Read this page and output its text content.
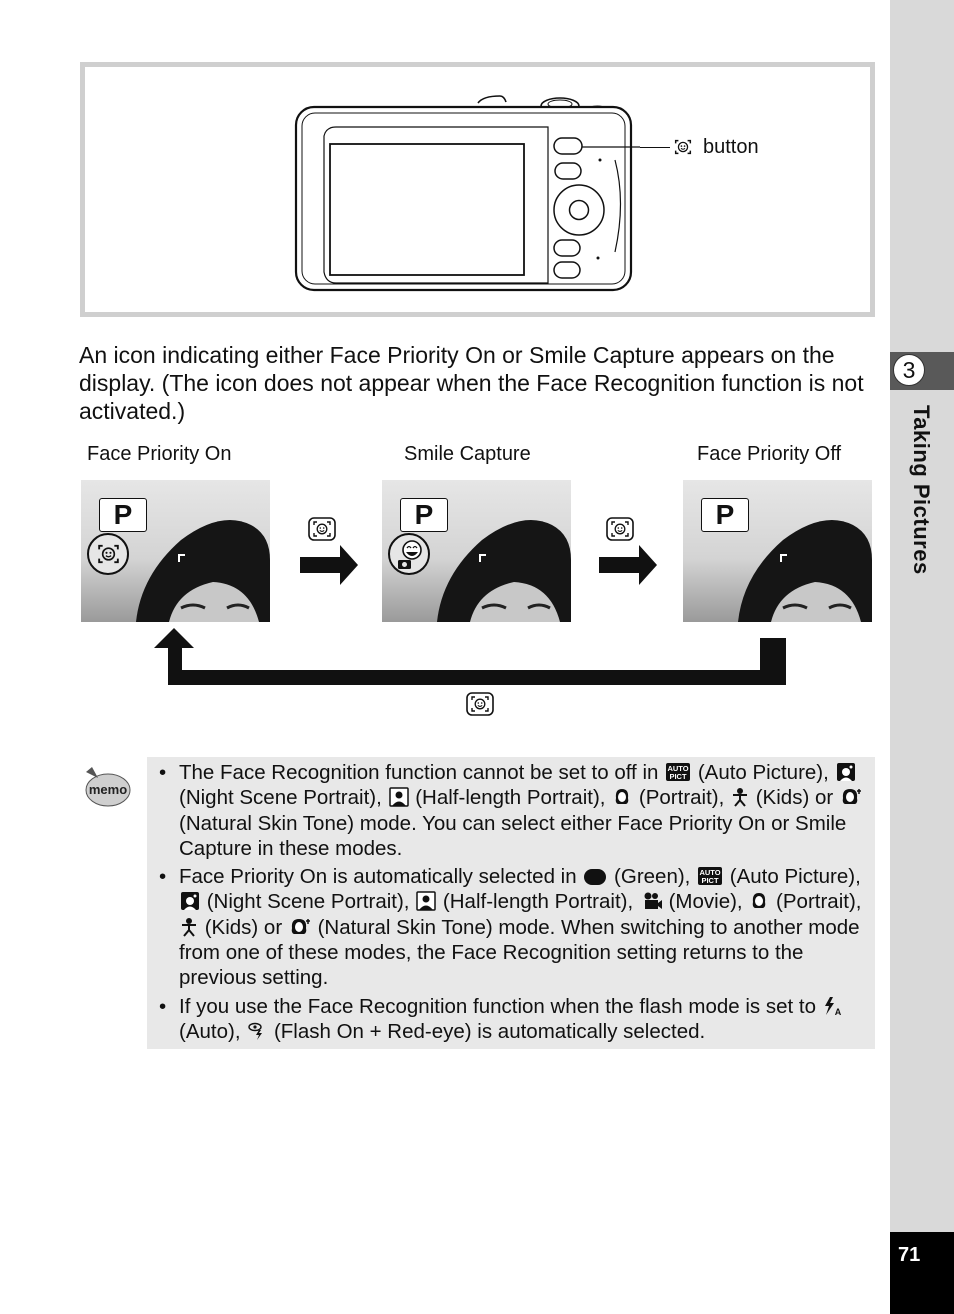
3
Taking Pictures
71
button

An icon indicating either Face Priority On or Smile Capture appears on the display. (The icon does not appear when the Face Recognition function is not activated.)

Face Priority On	Smile Capture	Face Priority Off
P	P	P
memo
• The Face Recognition function cannot be set to off in AUTO
PICT (Auto Picture),  (Night Scene Portrait), (Half-length Portrait), (Portrait), (Kids) or  (Natural Skin Tone) mode. You can select either Face Priority On or Smile Capture in these modes.
• Face Priority On is automatically selected in (Green), AUTO
PICT (Auto Picture),  (Night Scene Portrait), (Half-length Portrait), (Movie), (Portrait),  (Kids) or (Natural Skin Tone) mode. When switching to another mode from one of these modes, the Face Recognition setting returns to the previous setting.
• If you use the Face Recognition function when the flash mode is set to A
(Auto), (Flash On + Red-eye) is automatically selected.
